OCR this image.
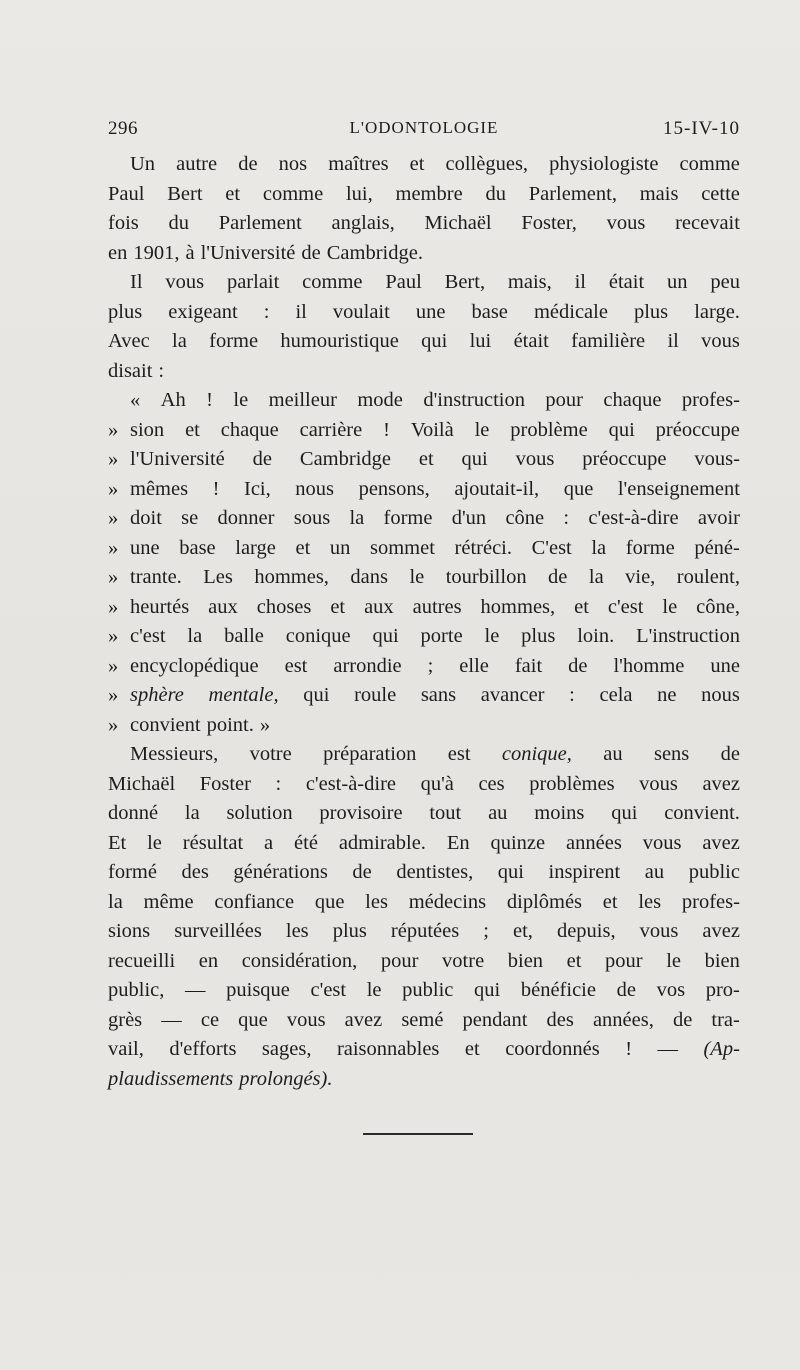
296	L'ODONTOLOGIE	15-IV-10
Un autre de nos maîtres et collègues, physiologiste comme
Paul Bert et comme lui, membre du Parlement, mais cette
fois du Parlement anglais, Michaël Foster, vous recevait
en 1901, à l'Université de Cambridge.
Il vous parlait comme Paul Bert, mais, il était un peu
plus exigeant : il voulait une base médicale plus large.
Avec la forme humouristique qui lui était familière il vous
disait :
« Ah ! le meilleur mode d'instruction pour chaque profes-
» sion et chaque carrière ! Voilà le problème qui préoccupe
» l'Université de Cambridge et qui vous préoccupe vous-
» mêmes ! Ici, nous pensons, ajoutait-il, que l'enseignement
» doit se donner sous la forme d'un cône : c'est-à-dire avoir
» une base large et un sommet rétréci. C'est la forme péné-
» trante. Les hommes, dans le tourbillon de la vie, roulent,
» heurtés aux choses et aux autres hommes, et c'est le cône,
» c'est la balle conique qui porte le plus loin. L'instruction
» encyclopédique est arrondie ; elle fait de l'homme une
» sphère mentale, qui roule sans avancer : cela ne nous
» convient point. »
Messieurs, votre préparation est conique, au sens de
Michaël Foster : c'est-à-dire qu'à ces problèmes vous avez
donné la solution provisoire tout au moins qui convient.
Et le résultat a été admirable. En quinze années vous avez
formé des générations de dentistes, qui inspirent au public
la même confiance que les médecins diplômés et les profes-
sions surveillées les plus réputées ; et, depuis, vous avez
recueilli en considération, pour votre bien et pour le bien
public, — puisque c'est le public qui bénéficie de vos pro-
grès — ce que vous avez semé pendant des années, de tra-
vail, d'efforts sages, raisonnables et coordonnés ! — (Ap-
plaudissements prolongés).
